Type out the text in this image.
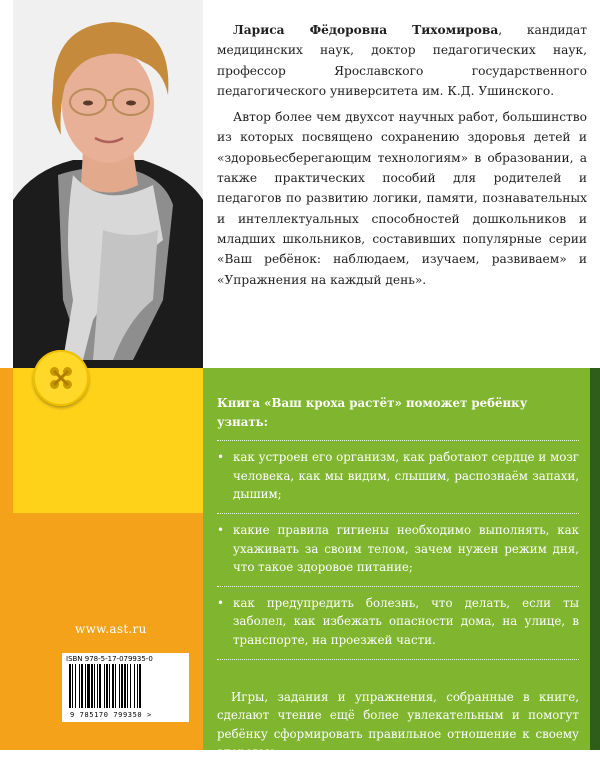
Лариса Фёдоровна Тихомирова, кандидат медицинских наук, доктор педагогических наук, профессор Ярославского государственного педагогического университета им. К.Д. Ушинского.

Автор более чем двухсот научных работ, большинство из которых посвящено сохранению здоровья детей и «здоровьесберегающим технологиям» в образовании, а также практических пособий для родителей и педагогов по развитию логики, памяти, познавательных и интеллектуальных способностей дошкольников и младших школьников, составивших популярные серии «Ваш ребёнок: наблюдаем, изучаем, развиваем» и «Упражнения на каждый день».

www.ast.ru
ISBN 978-5-17-079935-0
9 785170 799350 >

Книга «Ваш кроха растёт» поможет ребёнку узнать:

• как устроен его организм, как работают сердце и мозг человека, как мы видим, слышим, распознаём запахи, дышим;

• какие правила гигиены необходимо выполнять, как ухаживать за своим телом, зачем нужен режим дня, что такое здоровое питание;

• как предупредить болезнь, что делать, если ты заболел, как избежать опасности дома, на улице, в транспорте, на проезжей части.

Игры, задания и упражнения, собранные в книге, сделают чтение ещё более увлекательным и помогут ребёнку сформировать правильное отношение к своему здоровью.
